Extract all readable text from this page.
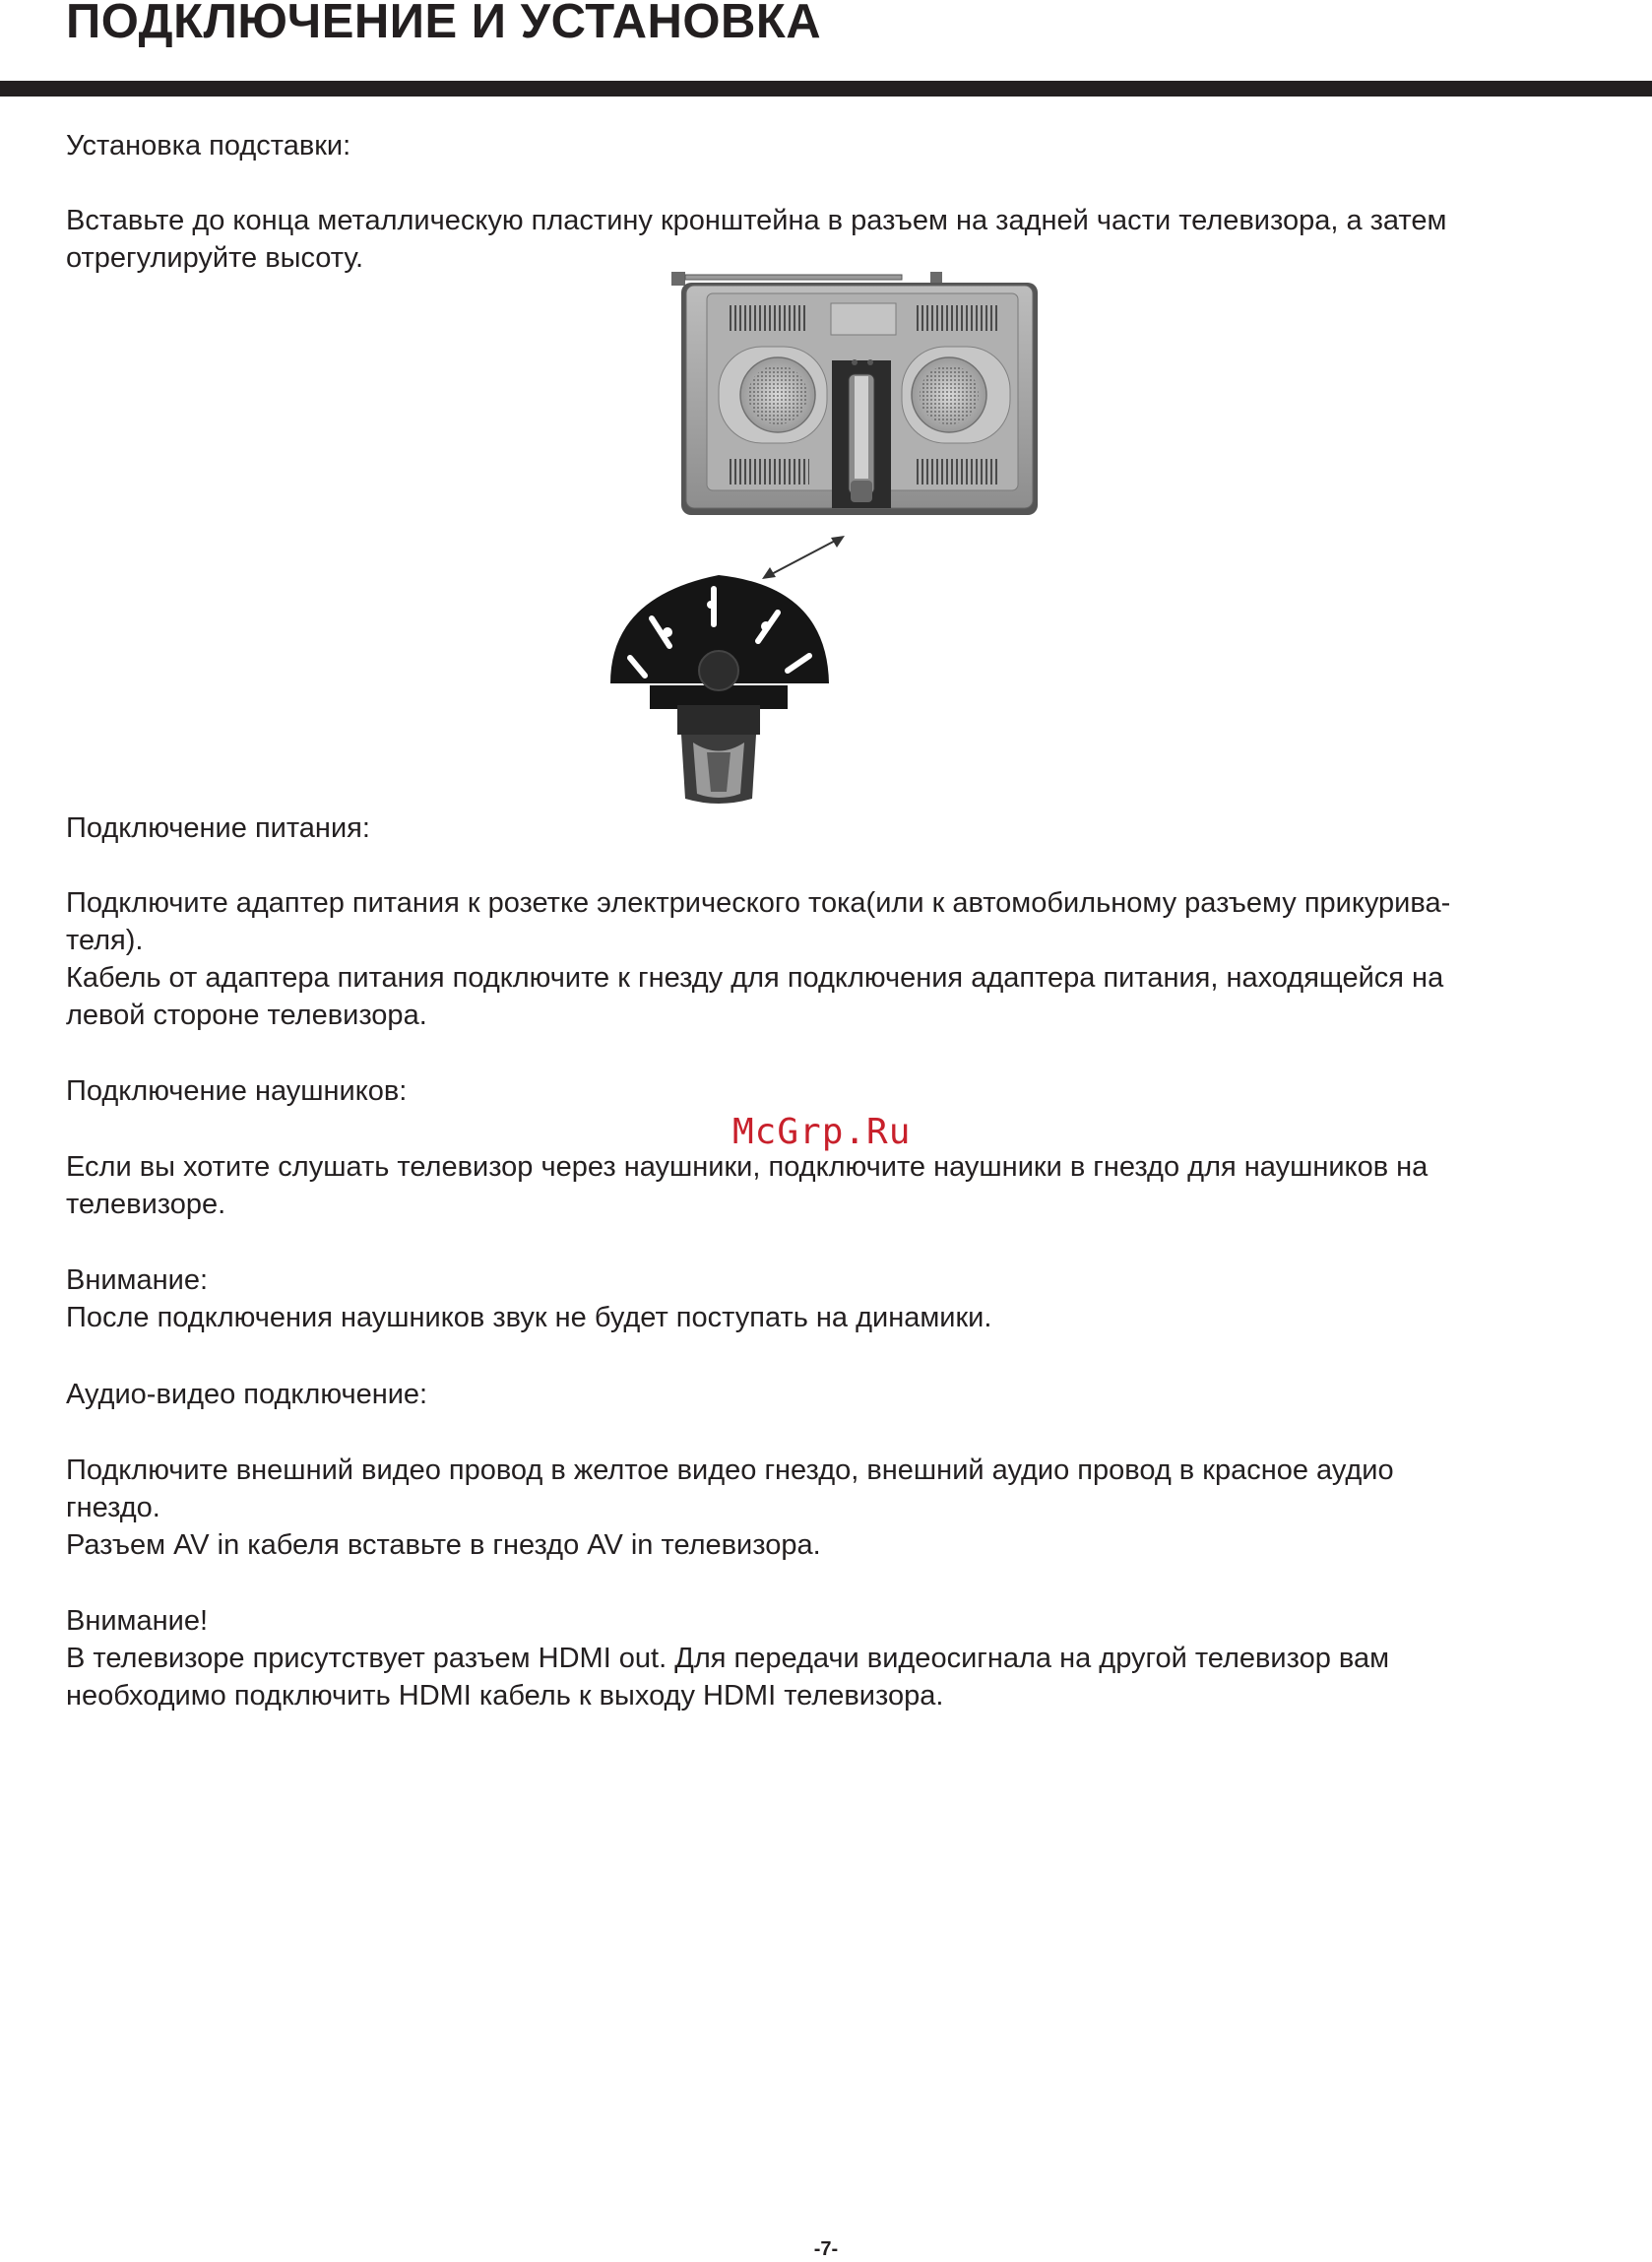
ПОДКЛЮЧЕНИЕ И УСТАНОВКА

Установка подставки:

Вставьте до конца металлическую пластину кронштейна в разъем на задней части телевизора, а затем

отрегулируйте высоту.

Подключение питания:

Подключите адаптер питания к розетке электрического тока(или к автомобильному разъему прикурива-

теля).

Кабель от адаптера питания подключите к гнезду для подключения адаптера питания, находящейся на

левой стороне телевизора.

Подключение наушников:

McGrp.Ru

Если вы хотите слушать телевизор через наушники, подключите наушники в гнездо для наушников на

телевизоре.

Внимание:

После подключения наушников звук не будет поступать на динамики.

Аудио-видео подключение:

Подключите внешний видео провод в желтое видео гнездо, внешний аудио провод в красное аудио

гнездо.

Разъем AV in кабеля вставьте в гнездо AV in телевизора.

Внимание!

В телевизоре присутствует разъем HDMI out. Для передачи видеосигнала на другой телевизор вам

необходимо подключить HDMI кабель к выходу HDMI телевизора.

-7-
